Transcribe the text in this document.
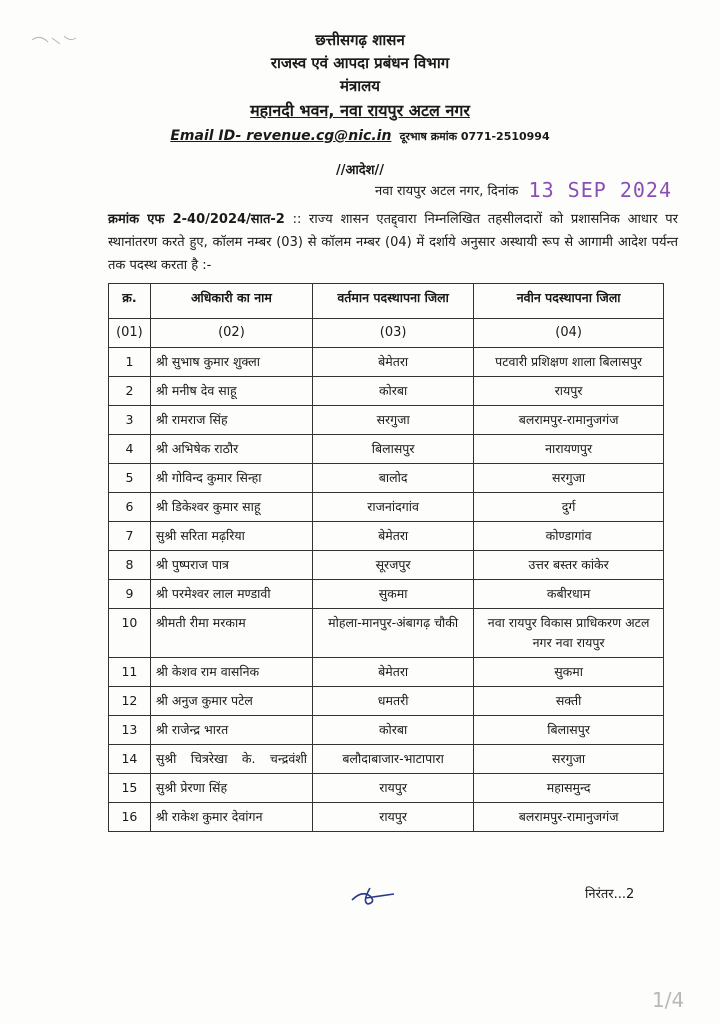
छत्तीसगढ़ शासन
राजस्व एवं आपदा प्रबंधन विभाग
मंत्रालय
महानदी भवन, नवा रायपुर अटल नगर
Email ID- revenue.cg@nic.in दूरभाष क्रमांक 0771-2510994
//आदेश//
नवा रायपुर अटल नगर, दिनांक 13 SEP 2024
क्रमांक एफ 2-40/2024/सात-2 :: राज्य शासन एतद्द्वारा निम्नलिखित तहसीलदारों को प्रशासनिक आधार पर स्थानांतरण करते हुए, कॉलम नम्बर (03) से कॉलम नम्बर (04) में दर्शाये अनुसार अस्थायी रूप से आगामी आदेश पर्यन्त तक पदस्थ करता है :-
क्र.	अधिकारी का नाम	वर्तमान पदस्थापना जिला	नवीन पदस्थापना जिला
(01)	(02)	(03)	(04)
1	श्री सुभाष कुमार शुक्ला	बेमेतरा	पटवारी प्रशिक्षण शाला बिलासपुर
2	श्री मनीष देव साहू	कोरबा	रायपुर
3	श्री रामराज सिंह	सरगुजा	बलरामपुर-रामानुजगंज
4	श्री अभिषेक राठौर	बिलासपुर	नारायणपुर
5	श्री गोविन्द कुमार सिन्हा	बालोद	सरगुजा
6	श्री डिकेश्वर कुमार साहू	राजनांदगांव	दुर्ग
7	सुश्री सरिता मढ़रिया	बेमेतरा	कोण्डागांव
8	श्री पुष्पराज पात्र	सूरजपुर	उत्तर बस्तर कांकेर
9	श्री परमेश्वर लाल मण्डावी	सुकमा	कबीरधाम
10	श्रीमती रीमा मरकाम	मोहला-मानपुर-अंबागढ़ चौकी	नवा रायपुर विकास प्राधिकरण अटल नगर नवा रायपुर
11	श्री केशव राम वासनिक	बेमेतरा	सुकमा
12	श्री अनुज कुमार पटेल	धमतरी	सक्ती
13	श्री राजेन्द्र भारत	कोरबा	बिलासपुर
14	सुश्री चित्ररेखा के. चन्द्रवंशी	बलौदाबाजार-भाटापारा	सरगुजा
15	सुश्री प्रेरणा सिंह	रायपुर	महासमुन्द
16	श्री राकेश कुमार देवांगन	रायपुर	बलरामपुर-रामानुजगंज
निरंतर...2
1/4
